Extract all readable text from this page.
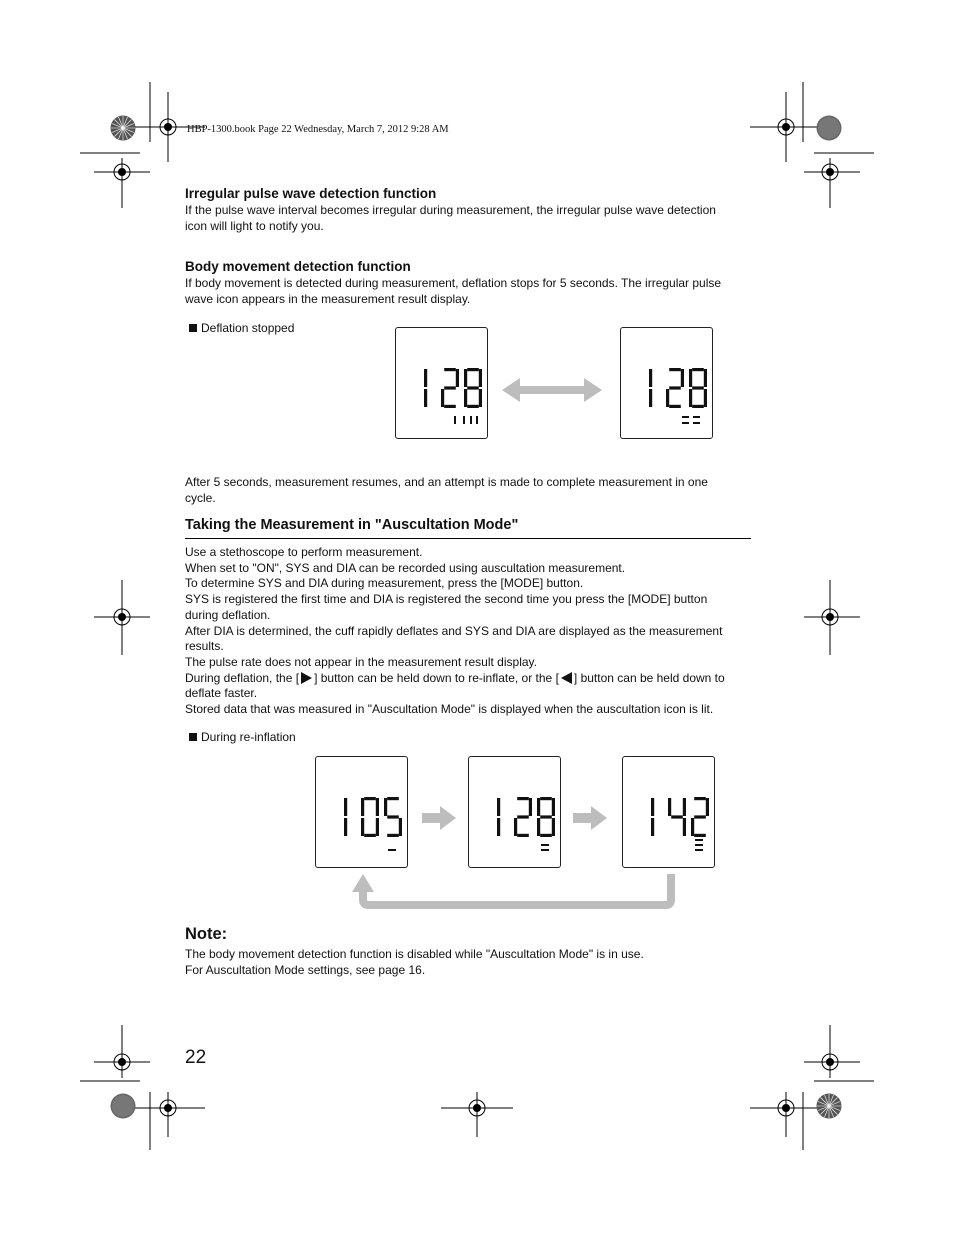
HBP-1300.book Page 22 Wednesday, March 7, 2012 9:28 AM
Irregular pulse wave detection function
If the pulse wave interval becomes irregular during measurement, the irregular pulse wave detection
icon will light to notify you.
Body movement detection function
If body movement is detected during measurement, deflation stops for 5 seconds. The irregular pulse
wave icon appears in the measurement result display.
Deflation stopped
After 5 seconds, measurement resumes, and an attempt is made to complete measurement in one
cycle.
Taking the Measurement in "Auscultation Mode"
Use a stethoscope to perform measurement.
When set to "ON", SYS and DIA can be recorded using auscultation measurement.
To determine SYS and DIA during measurement, press the [MODE] button.
SYS is registered the first time and DIA is registered the second time you press the [MODE] button
during deflation.
After DIA is determined, the cuff rapidly deflates and SYS and DIA are displayed as the measurement
results.
The pulse rate does not appear in the measurement result display.
During deflation, the [ ] button can be held down to re-inflate, or the [ ] button can be held down to
deflate faster.
Stored data that was measured in "Auscultation Mode" is displayed when the auscultation icon is lit.
During re-inflation
Note:
The body movement detection function is disabled while "Auscultation Mode" is in use.
For Auscultation Mode settings, see page 16.
22
